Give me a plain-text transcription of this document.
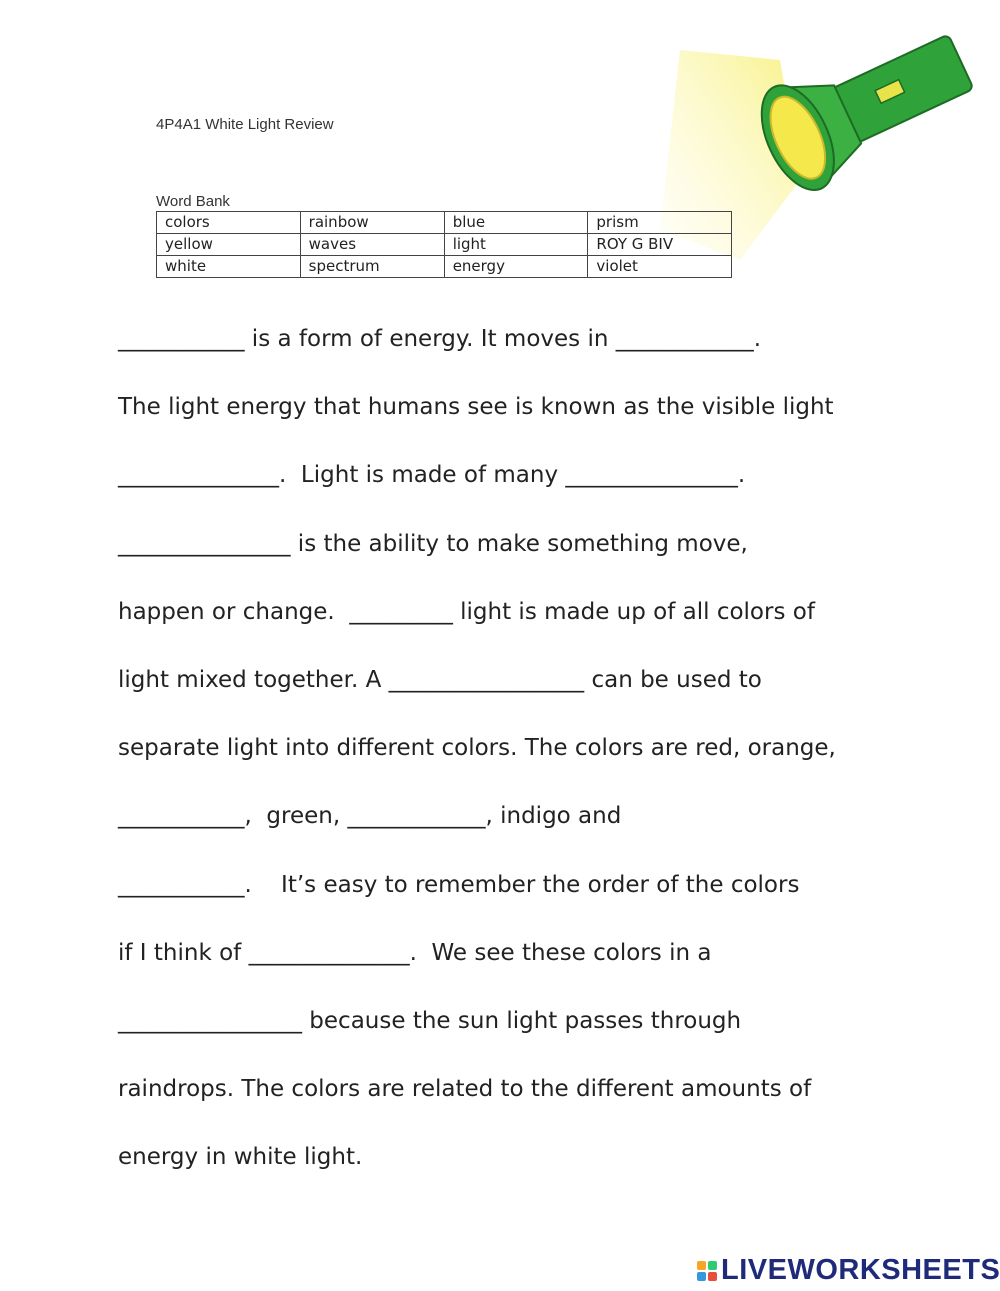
4P4A1 White Light Review
Word Bank
colors	rainbow	blue	prism
yellow	waves	light	ROY G BIV
white	spectrum	energy	violet
___________ is a form of energy. It moves in ____________.
The light energy that humans see is known as the visible light
______________.  Light is made of many _______________.
_______________ is the ability to make something move,
happen or change.  _________ light is made up of all colors of
light mixed together. A _________________ can be used to
separate light into different colors. The colors are red, orange,
___________,  green, ____________, indigo and
___________.    It’s easy to remember the order of the colors
if I think of ______________.  We see these colors in a
________________ because the sun light passes through
raindrops. The colors are related to the different amounts of
energy in white light.
LIVEWORKSHEETS
